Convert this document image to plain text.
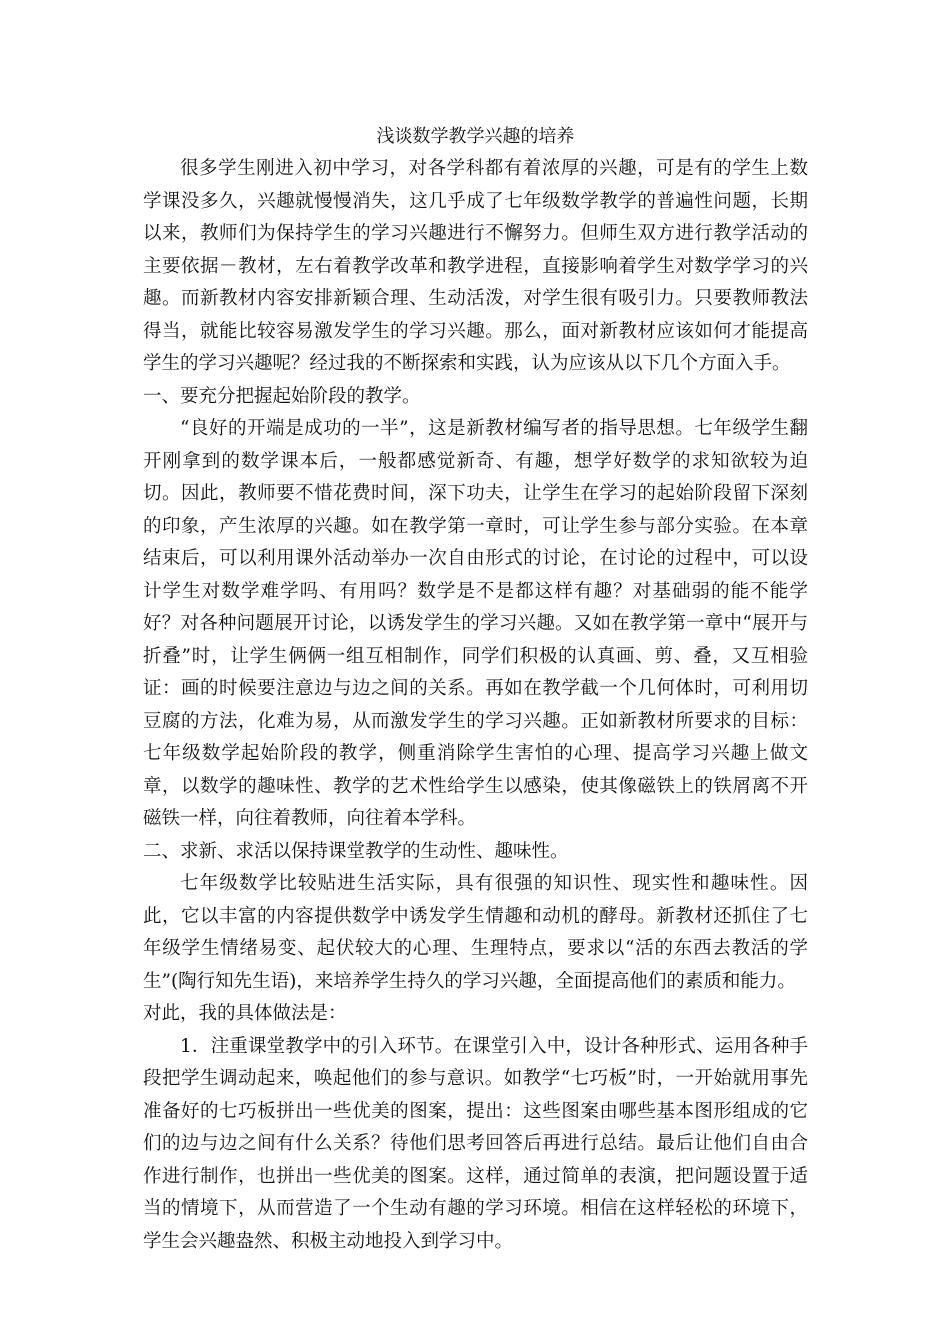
浅谈数学教学兴趣的培养

很多学生刚进入初中学习，对各学科都有着浓厚的兴趣，可是有的学生上数学课没多久，兴趣就慢慢消失，这几乎成了七年级数学教学的普遍性问题，长期以来，教师们为保持学生的学习兴趣进行不懈努力。但师生双方进行教学活动的主要依据－教材，左右着教学改革和教学进程，直接影响着学生对数学学习的兴趣。而新教材内容安排新颖合理、生动活泼，对学生很有吸引力。只要教师教法得当，就能比较容易激发学生的学习兴趣。那么，面对新教材应该如何才能提高学生的学习兴趣呢？经过我的不断探索和实践，认为应该从以下几个方面入手。

一、要充分把握起始阶段的教学。

“良好的开端是成功的一半”，这是新教材编写者的指导思想。七年级学生翻开刚拿到的数学课本后，一般都感觉新奇、有趣，想学好数学的求知欲较为迫切。因此，教师要不惜花费时间，深下功夫，让学生在学习的起始阶段留下深刻的印象，产生浓厚的兴趣。如在教学第一章时，可让学生参与部分实验。在本章结束后，可以利用课外活动举办一次自由形式的讨论，在讨论的过程中，可以设计学生对数学难学吗、有用吗？数学是不是都这样有趣？对基础弱的能不能学好？对各种问题展开讨论，以诱发学生的学习兴趣。又如在教学第一章中“展开与折叠”时，让学生俩俩一组互相制作，同学们积极的认真画、剪、叠，又互相验证：画的时候要注意边与边之间的关系。再如在教学截一个几何体时，可利用切豆腐的方法，化难为易，从而激发学生的学习兴趣。正如新教材所要求的目标：七年级数学起始阶段的教学，侧重消除学生害怕的心理、提高学习兴趣上做文章，以数学的趣味性、教学的艺术性给学生以感染，使其像磁铁上的铁屑离不开磁铁一样，向往着教师，向往着本学科。

二、求新、求活以保持课堂教学的生动性、趣味性。

七年级数学比较贴进生活实际，具有很强的知识性、现实性和趣味性。因此，它以丰富的内容提供数学中诱发学生情趣和动机的酵母。新教材还抓住了七年级学生情绪易变、起伏较大的心理、生理特点，要求以“活的东西去教活的学生”(陶行知先生语)，来培养学生持久的学习兴趣，全面提高他们的素质和能力。

对此，我的具体做法是：

1．注重课堂教学中的引入环节。在课堂引入中，设计各种形式、运用各种手段把学生调动起来，唤起他们的参与意识。如教学“七巧板”时，一开始就用事先准备好的七巧板拼出一些优美的图案，提出：这些图案由哪些基本图形组成的它们的边与边之间有什么关系？待他们思考回答后再进行总结。最后让他们自由合作进行制作，也拼出一些优美的图案。这样，通过简单的表演，把问题设置于适当的情境下，从而营造了一个生动有趣的学习环境。相信在这样轻松的环境下，学生会兴趣盎然、积极主动地投入到学习中。
